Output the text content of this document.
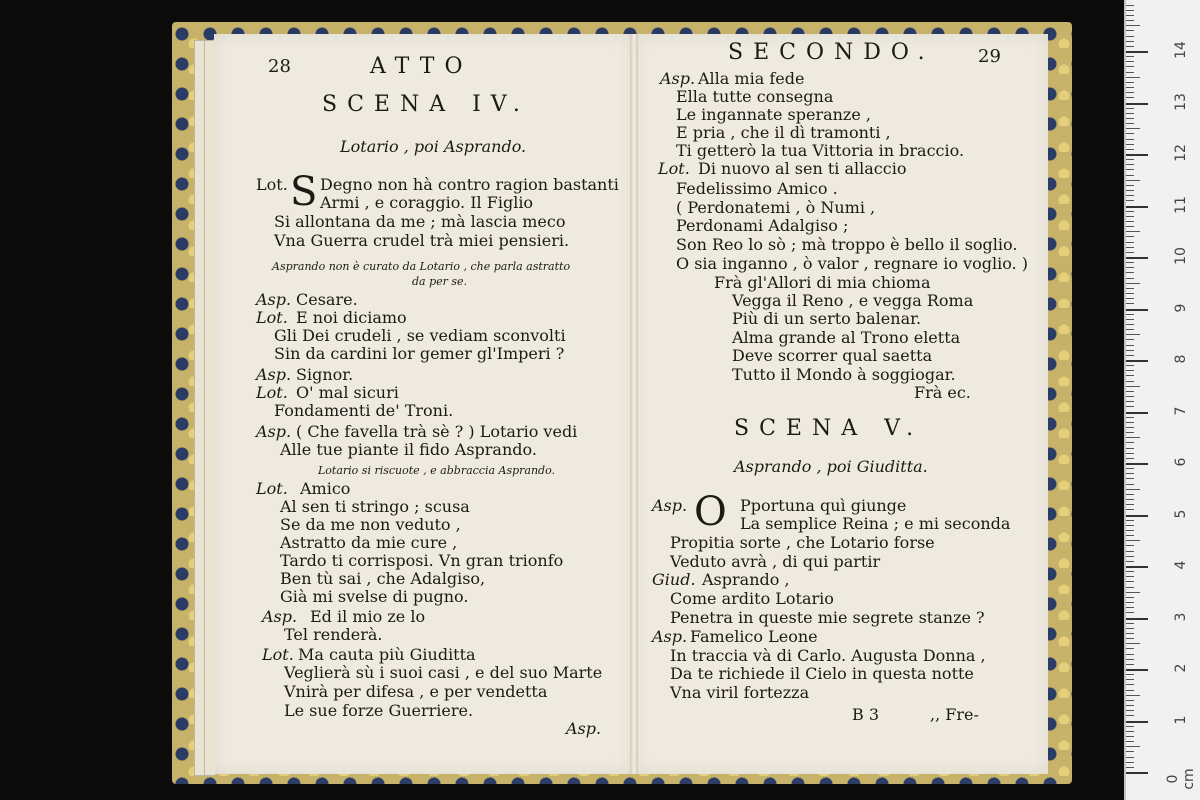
28	ATTO
SCENA IV.
Lotario , poi Asprando.
Lot. S Degno non hà contro ragion bastanti
Armi , e coraggio. Il Figlio
Si allontana da me ; mà lascia meco
Vna Guerra crudel trà miei pensieri.
Asprando non è curato da Lotario , che parla astratto
da per se.
Asp. Cesare.
Lot. E noi diciamo
Gli Dei crudeli , se vediam sconvolti
Sin da cardini lor gemer gl'Imperi ?
Asp. Signor.
Lot. O' mal sicuri
Fondamenti de' Troni.
Asp. ( Che favella trà sè ? ) Lotario vedi
Alle tue piante il fido Asprando.
Lotario si riscuote , e abbraccia Asprando.
Lot. Amico
Al sen ti stringo ; scusa
Se da me non veduto ,
Astratto da mie cure ,
Tardo ti corrisposi. Vn gran trionfo
Ben tù sai , che Adalgiso,
Già mi svelse di pugno.
Asp. Ed il mio ze lo
Tel renderà.
Lot. Ma cauta più Giuditta
Veglierà sù i suoi casi , e del suo Marte
Vnirà per difesa , e per vendetta
Le sue forze Guerriere.
Asp.
SECONDO. 29
Asp. Alla mia fede
Ella tutte consegna
Le ingannate speranze ,
E pria , che il dì tramonti ,
Ti getterò la tua Vittoria in braccio.
Lot. Di nuovo al sen ti allaccio
Fedelissimo Amico .
( Perdonatemi , ò Numi ,
Perdonami Adalgiso ;
Son Reo lo sò ; mà troppo è bello il soglio.
O sia inganno , ò valor , regnare io voglio. )
Frà gl'Allori di mia chioma
Vegga il Reno , e vegga Roma
Più di un serto balenar.
Alma grande al Trono eletta
Deve scorrer qual saetta
Tutto il Mondo à soggiogar.
Frà ec.
SCENA V.
Asprando , poi Giuditta.
Asp. O Pportuna quì giunge
La semplice Reina ; e mi seconda
Propitia sorte , che Lotario forse
Veduto avrà , di qui partir
Giud. Asprando ,
Come ardito Lotario
Penetra in queste mie segrete stanze ?
Asp. Famelico Leone
In traccia và di Carlo. Augusta Donna ,
Da te richiede il Cielo in questa notte
Vna viril fortezza
B 3	,, Fre-
0 cm
1
2
3
4
5
6
7
8
9
10
11
12
13
14
